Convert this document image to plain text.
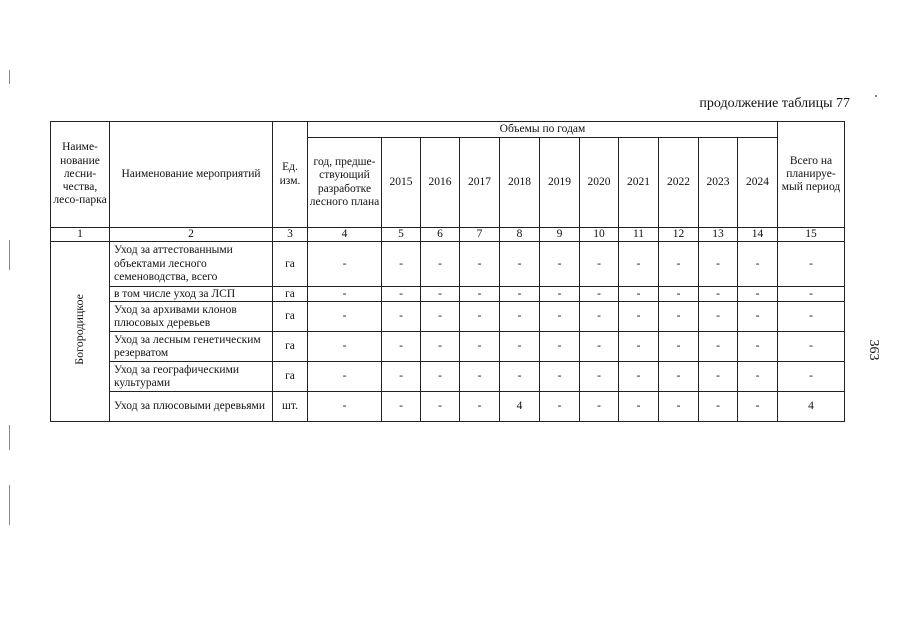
продолжение таблицы 77
Наиме-нование лесни-чества, лесо-парка	Наименование мероприятий	Ед. изм.	Объемы по годам											Всего на планируе-мый период
			год, предше-ствующий разработке лесного плана	2015	2016	2017	2018	2019	2020	2021	2022	2023	2024	
1	2	3	4	5	6	7	8	9	10	11	12	13	14	15
Богородицкое	Уход за аттестованными объектами лесного семеноводства, всего	га	-	-	-	-	-	-	-	-	-	-	-	-
	в том числе уход за ЛСП	га	-	-	-	-	-	-	-	-	-	-	-	-
	Уход за архивами клонов плюсовых деревьев	га	-	-	-	-	-	-	-	-	-	-	-	-
	Уход за лесным генетическим резерватом	га	-	-	-	-	-	-	-	-	-	-	-	-
	Уход за географическими культурами	га	-	-	-	-	-	-	-	-	-	-	-	-
	Уход за плюсовыми деревьями	шт.	-	-	-	-	4	-	-	-	-	-	-	4
363
